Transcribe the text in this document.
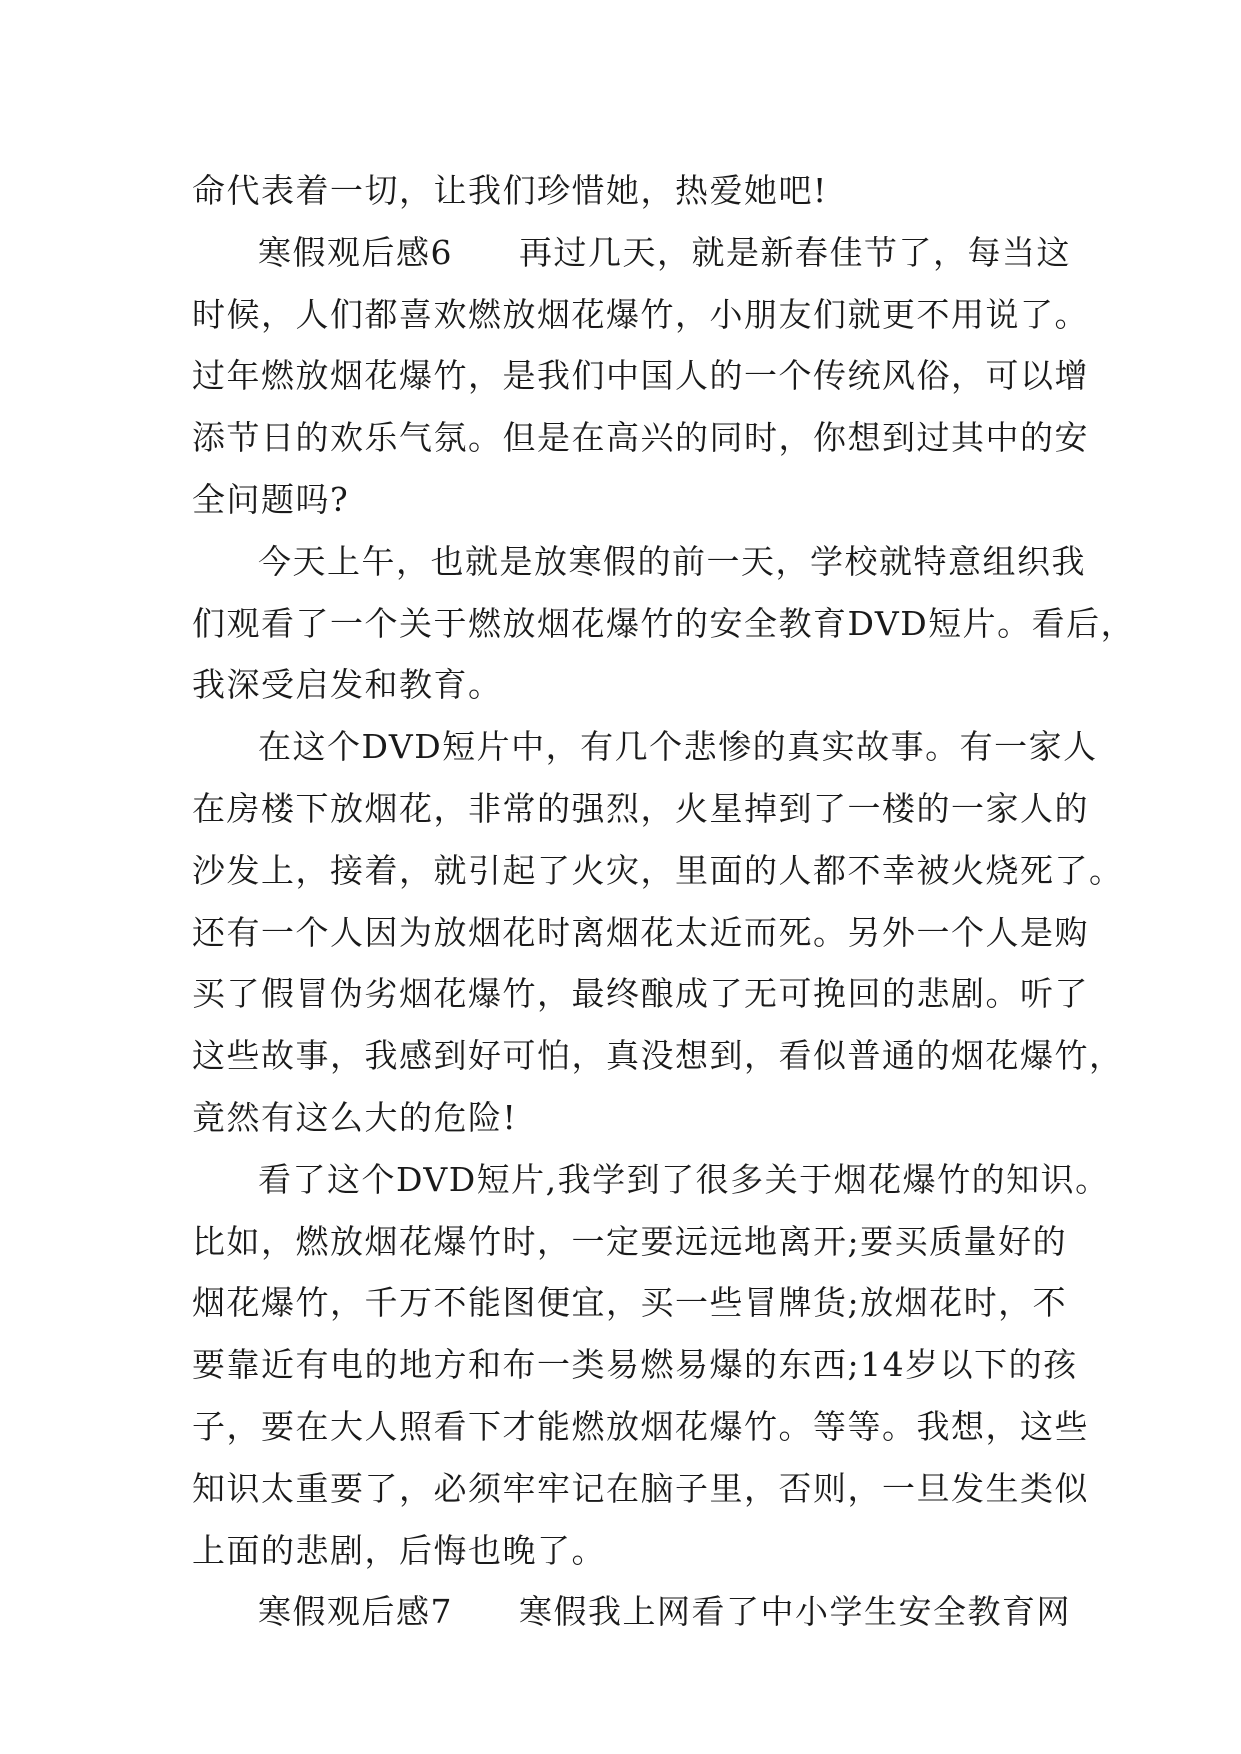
命代表着一切，让我们珍惜她，热爱她吧!
寒假观后感6 再过几天，就是新春佳节了，每当这
时候，人们都喜欢燃放烟花爆竹，小朋友们就更不用说了。
过年燃放烟花爆竹，是我们中国人的一个传统风俗，可以增
添节日的欢乐气氛。但是在高兴的同时，你想到过其中的安
全问题吗?
今天上午，也就是放寒假的前一天，学校就特意组织我
们观看了一个关于燃放烟花爆竹的安全教育DVD短片。看后，
我深受启发和教育。
在这个DVD短片中，有几个悲惨的真实故事。有一家人
在房楼下放烟花，非常的强烈，火星掉到了一楼的一家人的
沙发上，接着，就引起了火灾，里面的人都不幸被火烧死了。
还有一个人因为放烟花时离烟花太近而死。另外一个人是购
买了假冒伪劣烟花爆竹，最终酿成了无可挽回的悲剧。听了
这些故事，我感到好可怕，真没想到，看似普通的烟花爆竹，
竟然有这么大的危险!
看了这个DVD短片,我学到了很多关于烟花爆竹的知识。
比如，燃放烟花爆竹时，一定要远远地离开;要买质量好的
烟花爆竹，千万不能图便宜，买一些冒牌货;放烟花时，不
要靠近有电的地方和布一类易燃易爆的东西;14岁以下的孩
子，要在大人照看下才能燃放烟花爆竹。等等。我想，这些
知识太重要了，必须牢牢记在脑子里，否则，一旦发生类似
上面的悲剧，后悔也晚了。
寒假观后感7 寒假我上网看了中小学生安全教育网
